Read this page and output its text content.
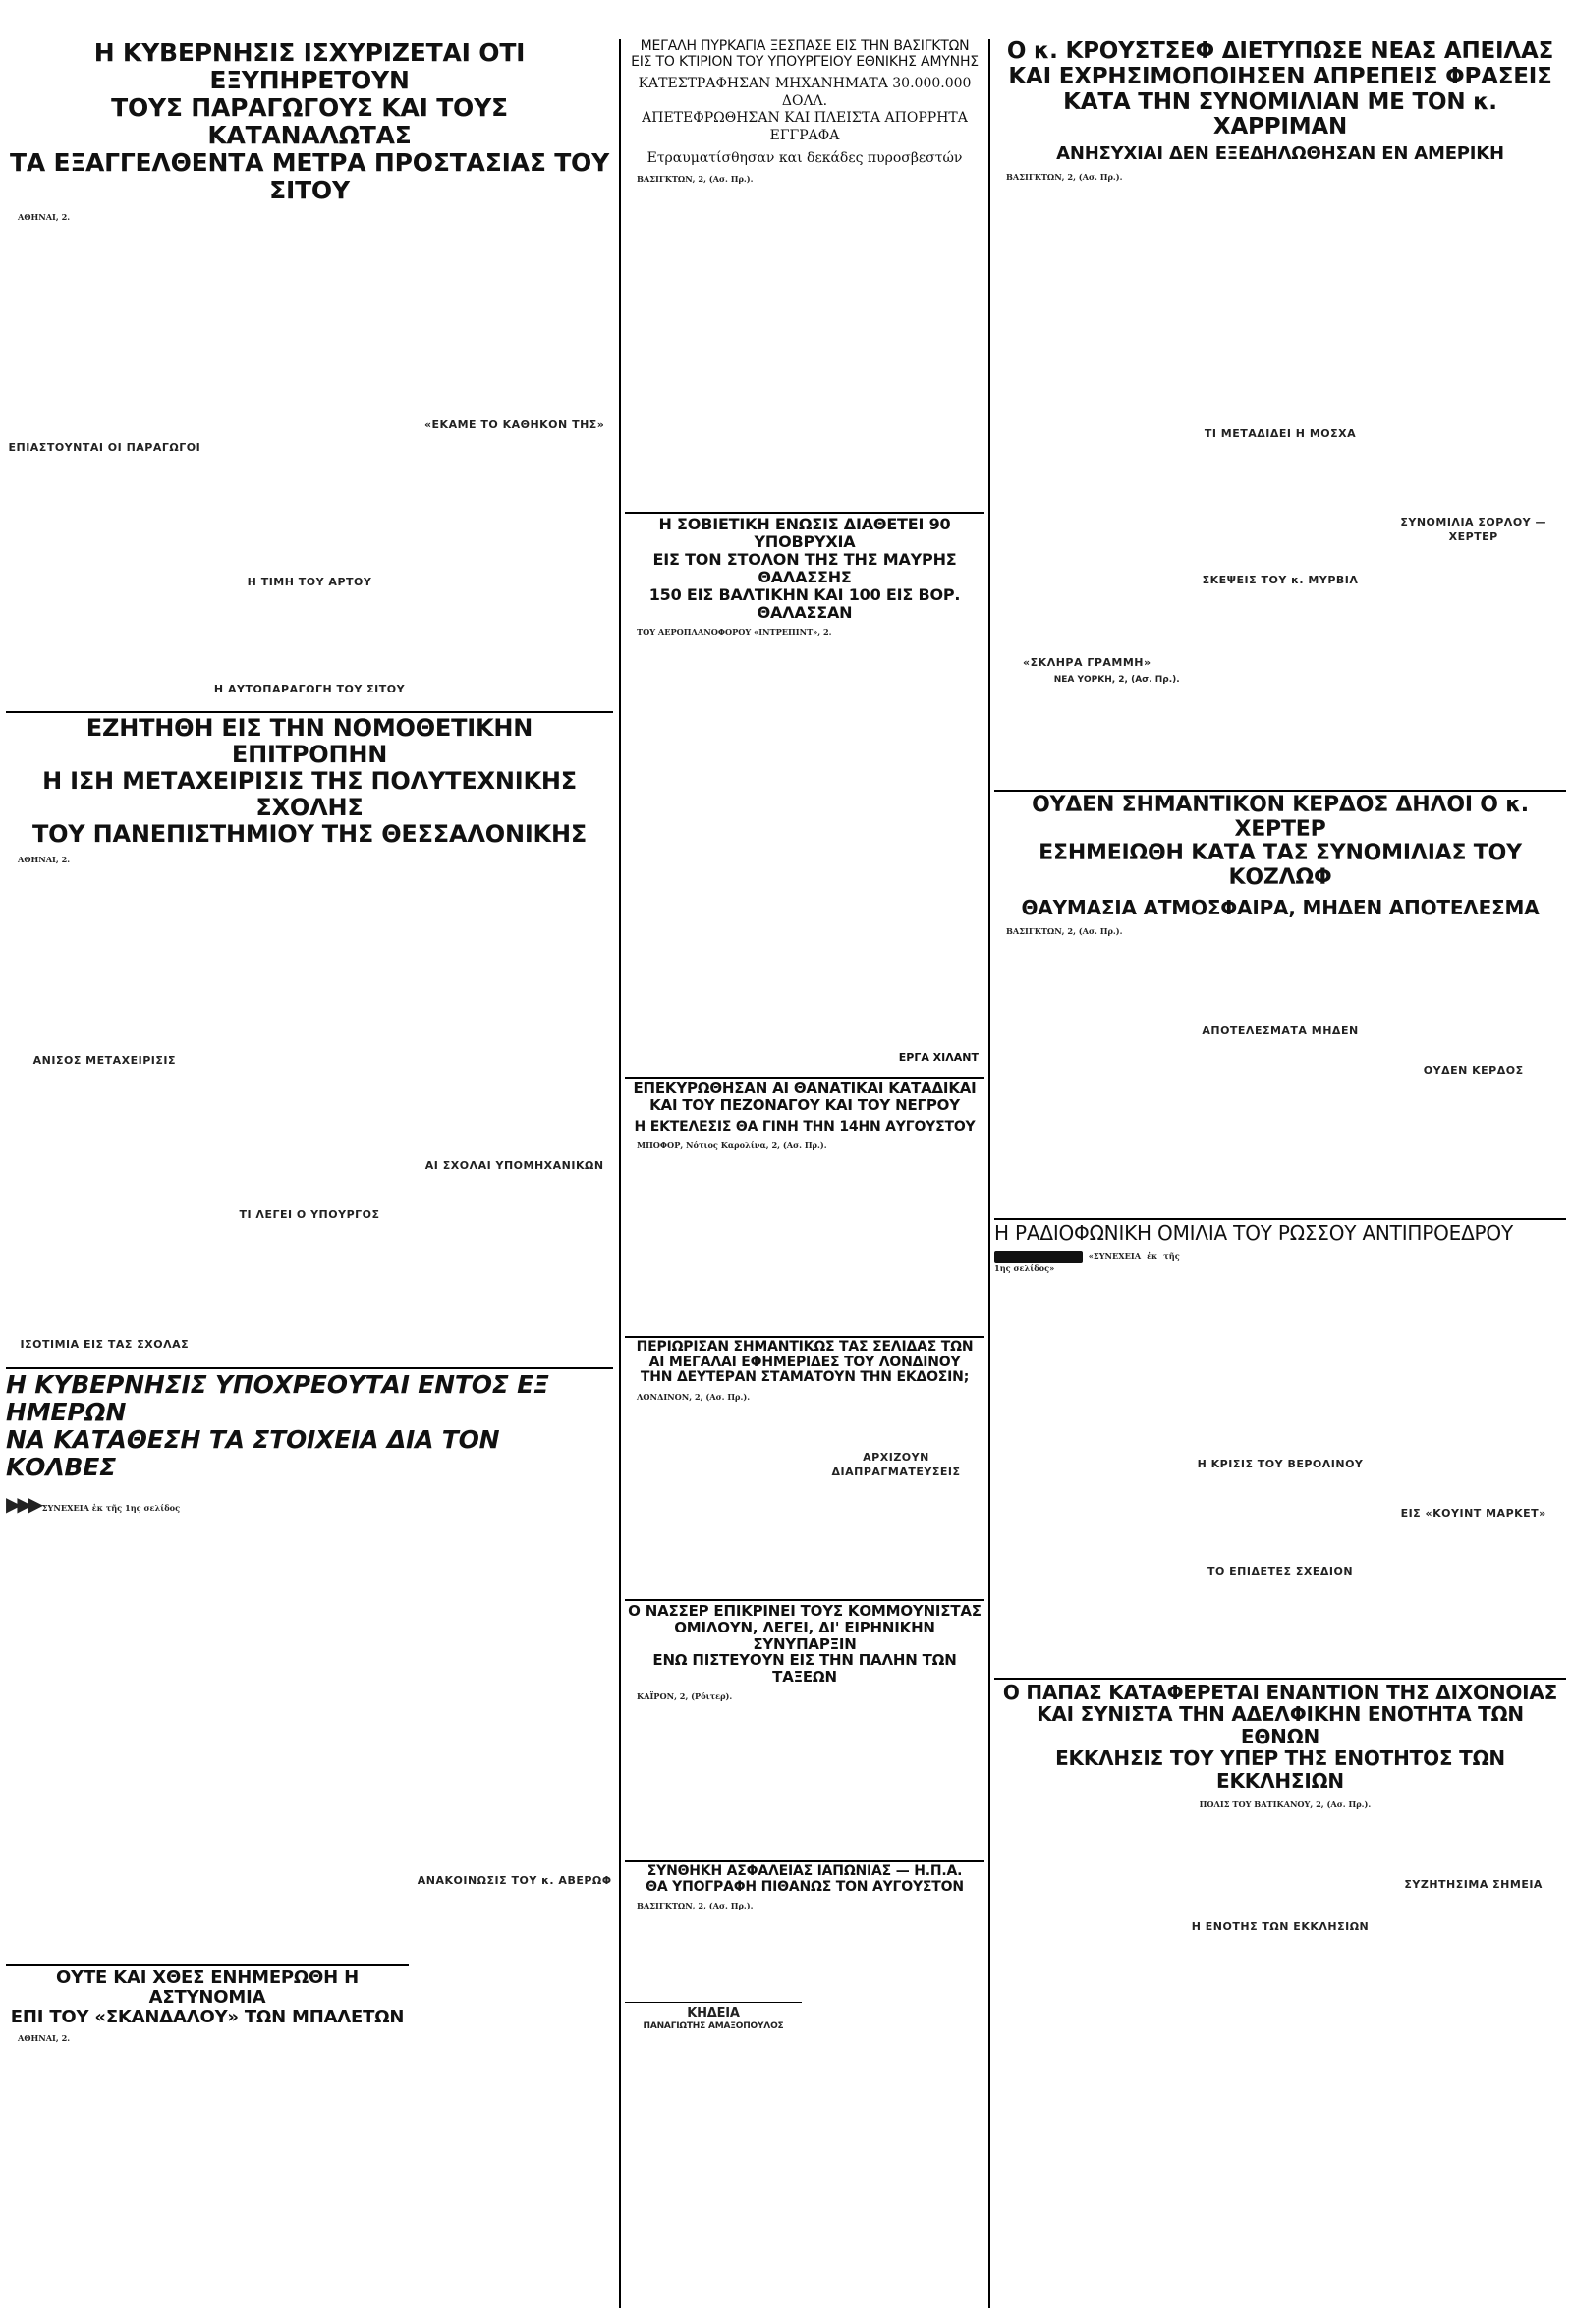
Η ΚΥΒΕΡΝΗΣΙΣ ΙΣΧΥΡΙΖΕΤΑΙ ΟΤΙ ΕΞΥΠΗΡΕΤΟΥΝ
ΤΟΥΣ ΠΑΡΑΓΩΓΟΥΣ ΚΑΙ ΤΟΥΣ ΚΑΤΑΝΑΛΩΤΑΣ
ΤΑ ΕΞΑΓΓΕΛΘΕΝΤΑ ΜΕΤΡΑ ΠΡΟΣΤΑΣΙΑΣ ΤΟΥ ΣΙΤΟΥ

ΑΘΗΝΑΙ, 2.

ΕΠΙΑΣΤΟΥΝΤΑΙ ΟΙ ΠΑΡΑΓΩΓΟΙ
Η ΤΙΜΗ ΤΟΥ ΑΡΤΟΥ
Η ΑΥΤΟΠΑΡΑΓΩΓΗ ΤΟΥ ΣΙΤΟΥ
«ΕΚΑΜΕ ΤΟ ΚΑΘΗΚΟΝ ΤΗΣ»
ΕΖΗΤΗΘΗ ΕΙΣ ΤΗΝ ΝΟΜΟΘΕΤΙΚΗΝ ΕΠΙΤΡΟΠΗΝ
Η ΙΣΗ ΜΕΤΑΧΕΙΡΙΣΙΣ ΤΗΣ ΠΟΛΥΤΕΧΝΙΚΗΣ ΣΧΟΛΗΣ
ΤΟΥ ΠΑΝΕΠΙΣΤΗΜΙΟΥ ΤΗΣ ΘΕΣΣΑΛΟΝΙΚΗΣ

ΑΘΗΝΑΙ, 2.

ΑΝΙΣΟΣ ΜΕΤΑΧΕΙΡΙΣΙΣ
ΙΣΟΤΙΜΙΑ ΕΙΣ ΤΑΣ ΣΧΟΛΑΣ
ΤΙ ΛΕΓΕΙ Ο ΥΠΟΥΡΓΟΣ
ΑΙ ΣΧΟΛΑΙ ΥΠΟΜΗΧΑΝΙΚΩΝ
Η ΚΥΒΕΡΝΗΣΙΣ ΥΠΟΧΡΕΟΥΤΑΙ ΕΝΤΟΣ ΕΞ ΗΜΕΡΩΝ
ΝΑ ΚΑΤΑΘΕΣΗ ΤΑ ΣΤΟΙΧΕΙΑ ΔΙΑ ΤΟΝ ΚΟΛΒΕΣ
▶▶▶ ΣΥΝΕΧΕΙΑ ἐκ τῆς 1ης σελίδος
ΑΝΑΚΟΙΝΩΣΙΣ ΤΟΥ κ. ΑΒΕΡΩΦ
ΟΥΤΕ ΚΑΙ ΧΘΕΣ ΕΝΗΜΕΡΩΘΗ Η ΑΣΤΥΝΟΜΙΑ
ΕΠΙ ΤΟΥ «ΣΚΑΝΔΑΛΟΥ» ΤΩΝ ΜΠΑΛΕΤΩΝ

ΑΘΗΝΑΙ, 2.

ΜΕΓΑΛΗ ΠΥΡΚΑΓΙΑ ΞΕΣΠΑΣΕ ΕΙΣ ΤΗΝ ΒΑΣΙΓΚΤΩΝ
ΕΙΣ ΤΟ ΚΤΙΡΙΟΝ ΤΟΥ ΥΠΟΥΡΓΕΙΟΥ ΕΘΝΙΚΗΣ ΑΜΥΝΗΣ
ΚΑΤΕΣΤΡΑΦΗΣΑΝ ΜΗΧΑΝΗΜΑΤΑ 30.000.000 ΔΟΛΛ.
ΑΠΕΤΕΦΡΩΘΗΣΑΝ ΚΑΙ ΠΛΕΙΣΤΑ ΑΠΟΡΡΗΤΑ ΕΓΓΡΑΦΑ
Ετραυματίσθησαν και δεκάδες πυροσβεστών

ΒΑΣΙΓΚΤΩΝ, 2, (Ασ. Πρ.).

Η ΣΟΒΙΕΤΙΚΗ ΕΝΩΣΙΣ ΔΙΑΘΕΤΕΙ 90 ΥΠΟΒΡΥΧΙΑ
ΕΙΣ ΤΟΝ ΣΤΟΛΟΝ ΤΗΣ ΤΗΣ ΜΑΥΡΗΣ ΘΑΛΑΣΣΗΣ
150 ΕΙΣ ΒΑΛΤΙΚΗΝ ΚΑΙ 100 ΕΙΣ ΒΟΡ. ΘΑΛΑΣΣΑΝ

ΤΟΥ ΑΕΡΟΠΛΑΝΟΦΟΡΟΥ «ΙΝΤΡΕΠΙΝΤ», 2.

ΕΡΓΑ ΧΙΛΑΝΤ
ΕΠΕΚΥΡΩΘΗΣΑΝ ΑΙ ΘΑΝΑΤΙΚΑΙ ΚΑΤΑΔΙΚΑΙ
ΚΑΙ ΤΟΥ ΠΕΖΟΝΑΓΟΥ ΚΑΙ ΤΟΥ ΝΕΓΡΟΥ
Η ΕΚΤΕΛΕΣΙΣ ΘΑ ΓΙΝΗ ΤΗΝ 14ΗΝ ΑΥΓΟΥΣΤΟΥ

ΜΠΟΦΟΡ, Νότιος Καρολίνα, 2, (Ασ. Πρ.).

ΠΕΡΙΩΡΙΣΑΝ ΣΗΜΑΝΤΙΚΩΣ ΤΑΣ ΣΕΛΙΔΑΣ ΤΩΝ
ΑΙ ΜΕΓΑΛΑΙ ΕΦΗΜΕΡΙΔΕΣ ΤΟΥ ΛΟΝΔΙΝΟΥ
ΤΗΝ ΔΕΥΤΕΡΑΝ ΣΤΑΜΑΤΟΥΝ ΤΗΝ ΕΚΔΟΣΙΝ;

ΛΟΝΔΙΝΟΝ, 2, (Ασ. Πρ.).

ΑΡΧΙΖΟΥΝ ΔΙΑΠΡΑΓΜΑΤΕΥΣΕΙΣ
Ο ΝΑΣΣΕΡ ΕΠΙΚΡΙΝΕΙ ΤΟΥΣ ΚΟΜΜΟΥΝΙΣΤΑΣ
ΟΜΙΛΟΥΝ, ΛΕΓΕΙ, ΔΙ' ΕΙΡΗΝΙΚΗΝ ΣΥΝΥΠΑΡΞΙΝ
ΕΝΩ ΠΙΣΤΕΥΟΥΝ ΕΙΣ ΤΗΝ ΠΑΛΗΝ ΤΩΝ ΤΑΞΕΩΝ

ΚΑΪΡΟΝ, 2, (Ρόιτερ).

ΣΥΝΘΗΚΗ ΑΣΦΑΛΕΙΑΣ ΙΑΠΩΝΙΑΣ — Η.Π.Α.
ΘΑ ΥΠΟΓΡΑΦΗ ΠΙΘΑΝΩΣ ΤΟΝ ΑΥΓΟΥΣΤΟΝ

ΒΑΣΙΓΚΤΩΝ, 2, (Ασ. Πρ.).

ΚΗΔΕΙΑ
ΠΑΝΑΓΙΩΤΗΣ ΑΜΑΞΟΠΟΥΛΟΣ
Ο κ. ΚΡΟΥΣΤΣΕΦ ΔΙΕΤΥΠΩΣΕ ΝΕΑΣ ΑΠΕΙΛΑΣ
ΚΑΙ ΕΧΡΗΣΙΜΟΠΟΙΗΣΕΝ ΑΠΡΕΠΕΙΣ ΦΡΑΣΕΙΣ
ΚΑΤΑ ΤΗΝ ΣΥΝΟΜΙΛΙΑΝ ΜΕ ΤΟΝ κ. ΧΑΡΡΙΜΑΝ
ΑΝΗΣΥΧΙΑΙ ΔΕΝ ΕΞΕΔΗΛΩΘΗΣΑΝ ΕΝ ΑΜΕΡΙΚΗ

ΒΑΣΙΓΚΤΩΝ, 2, (Ασ. Πρ.).

«ΣΚΛΗΡΑ ΓΡΑΜΜΗ»
ΝΕΑ ΥΟΡΚΗ, 2, (Ασ. Πρ.).
ΤΙ ΜΕΤΑΔΙΔΕΙ Η ΜΟΣΧΑ
ΣΚΕΨΕΙΣ ΤΟΥ κ. ΜΥΡΒΙΛ
ΣΥΝΟΜΙΛΙΑ ΣΟΡΛΟΥ — ΧΕΡΤΕΡ
ΟΥΔΕΝ ΣΗΜΑΝΤΙΚΟΝ ΚΕΡΔΟΣ ΔΗΛΟΙ Ο κ. ΧΕΡΤΕΡ
ΕΣΗΜΕΙΩΘΗ ΚΑΤΑ ΤΑΣ ΣΥΝΟΜΙΛΙΑΣ ΤΟΥ ΚΟΖΛΩΦ
ΘΑΥΜΑΣΙΑ ΑΤΜΟΣΦΑΙΡΑ, ΜΗΔΕΝ ΑΠΟΤΕΛΕΣΜΑ

ΒΑΣΙΓΚΤΩΝ, 2, (Ασ. Πρ.).

ΑΠΟΤΕΛΕΣΜΑΤΑ ΜΗΔΕΝ
ΟΥΔΕΝ ΚΕΡΔΟΣ
Η ΡΑΔΙΟΦΩΝΙΚΗ ΟΜΙΛΙΑ ΤΟΥ ΡΩΣΣΟΥ ΑΝΤΙΠΡΟΕΔΡΟΥ
«ΣΥΝΕΧΕΙΑ ἐκ τῆς 1ης σελίδος»
Η ΚΡΙΣΙΣ ΤΟΥ ΒΕΡΟΛΙΝΟΥ
ΤΟ ΕΠΙΔΕΤΕΣ ΣΧΕΔΙΟΝ
ΕΙΣ «ΚΟΥΙΝΤ ΜΑΡΚΕΤ»
Ο ΠΑΠΑΣ ΚΑΤΑΦΕΡΕΤΑΙ ΕΝΑΝΤΙΟΝ ΤΗΣ ΔΙΧΟΝΟΙΑΣ
ΚΑΙ ΣΥΝΙΣΤΑ ΤΗΝ ΑΔΕΛΦΙΚΗΝ ΕΝΟΤΗΤΑ ΤΩΝ ΕΘΝΩΝ
ΕΚΚΛΗΣΙΣ ΤΟΥ ΥΠΕΡ ΤΗΣ ΕΝΟΤΗΤΟΣ ΤΩΝ ΕΚΚΛΗΣΙΩΝ

ΠΟΛΙΣ ΤΟΥ ΒΑΤΙΚΑΝΟΥ, 2, (Ασ. Πρ.).

Η ΕΝΟΤΗΣ ΤΩΝ ΕΚΚΛΗΣΙΩΝ
ΣΥΖΗΤΗΣΙΜΑ ΣΗΜΕΙΑ
